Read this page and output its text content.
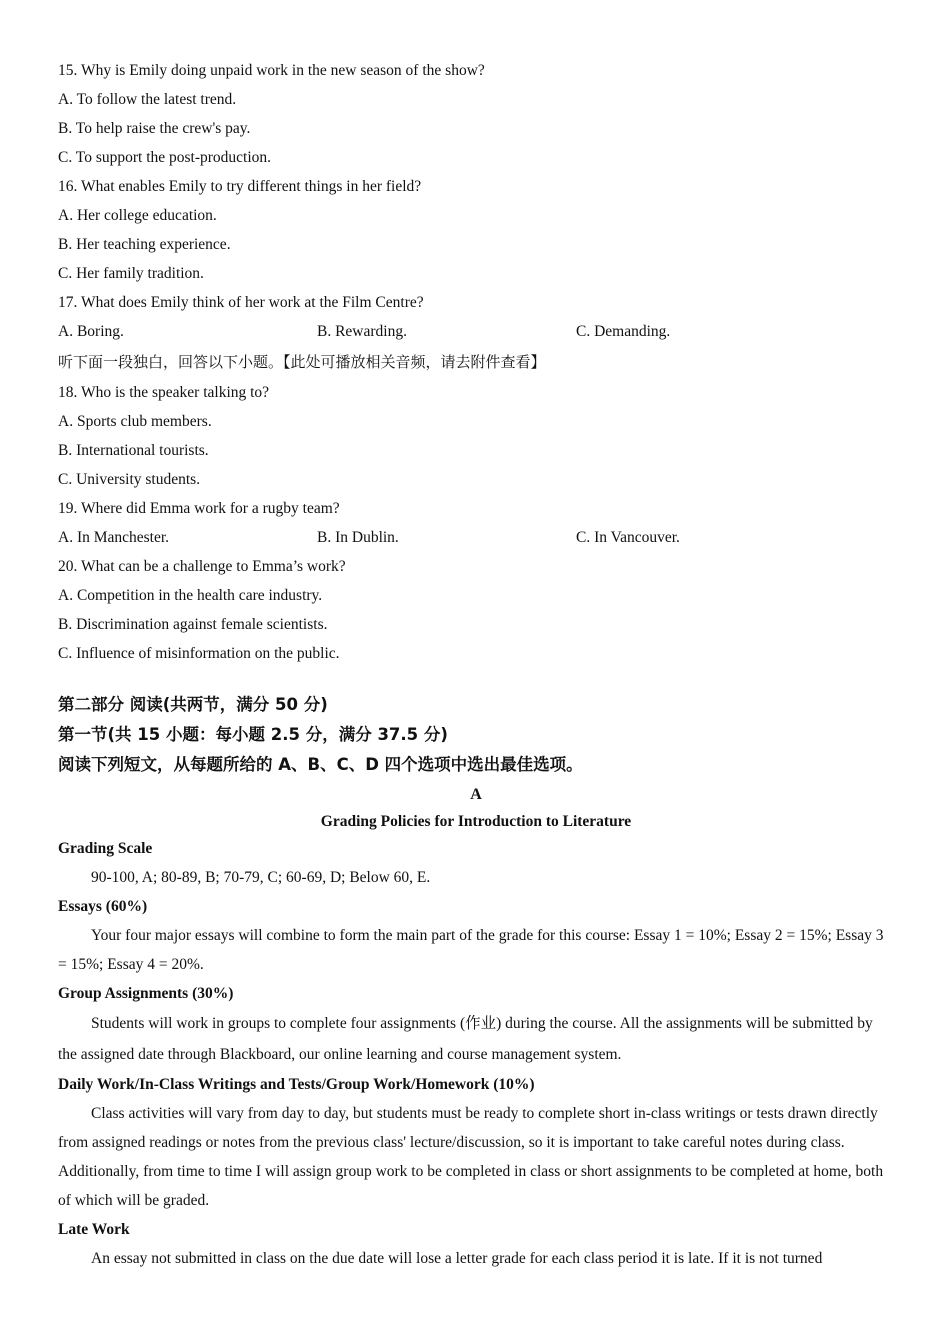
15. Why is Emily doing unpaid work in the new season of the show?
A. To follow the latest trend.
B. To help raise the crew's pay.
C. To support the post-production.
16. What enables Emily to try different things in her field?
A. Her college education.
B. Her teaching experience.
C. Her family tradition.
17. What does Emily think of her work at the Film Centre?
A. Boring.	B. Rewarding.	C. Demanding.
听下面一段独白，回答以下小题。【此处可播放相关音频，请去附件查看】
18. Who is the speaker talking to?
A. Sports club members.
B. International tourists.
C. University students.
19. Where did Emma work for a rugby team?
A. In Manchester.	B. In Dublin.	C. In Vancouver.
20. What can be a challenge to Emma’s work?
A. Competition in the health care industry.
B. Discrimination against female scientists.
C. Influence of misinformation on the public.
第二部分 阅读(共两节，满分 50 分)
第一节(共 15 小题：每小题 2.5 分，满分 37.5 分)
阅读下列短文，从每题所给的 A、B、C、D 四个选项中选出最佳选项。
A
Grading Policies for Introduction to Literature
Grading Scale
90-100, A; 80-89, B; 70-79, C; 60-69, D; Below 60, E.
Essays (60%)
Your four major essays will combine to form the main part of the grade for this course: Essay 1 = 10%; Essay 2 = 15%; Essay 3 = 15%; Essay 4 = 20%.
Group Assignments (30%)
Students will work in groups to complete four assignments (作业) during the course. All the assignments will be submitted by the assigned date through Blackboard, our online learning and course management system.
Daily Work/In-Class Writings and Tests/Group Work/Homework (10%)
Class activities will vary from day to day, but students must be ready to complete short in-class writings or tests drawn directly from assigned readings or notes from the previous class' lecture/discussion, so it is important to take careful notes during class. Additionally, from time to time I will assign group work to be completed in class or short assignments to be completed at home, both of which will be graded.
Late Work
An essay not submitted in class on the due date will lose a letter grade for each class period it is late. If it is not turned
